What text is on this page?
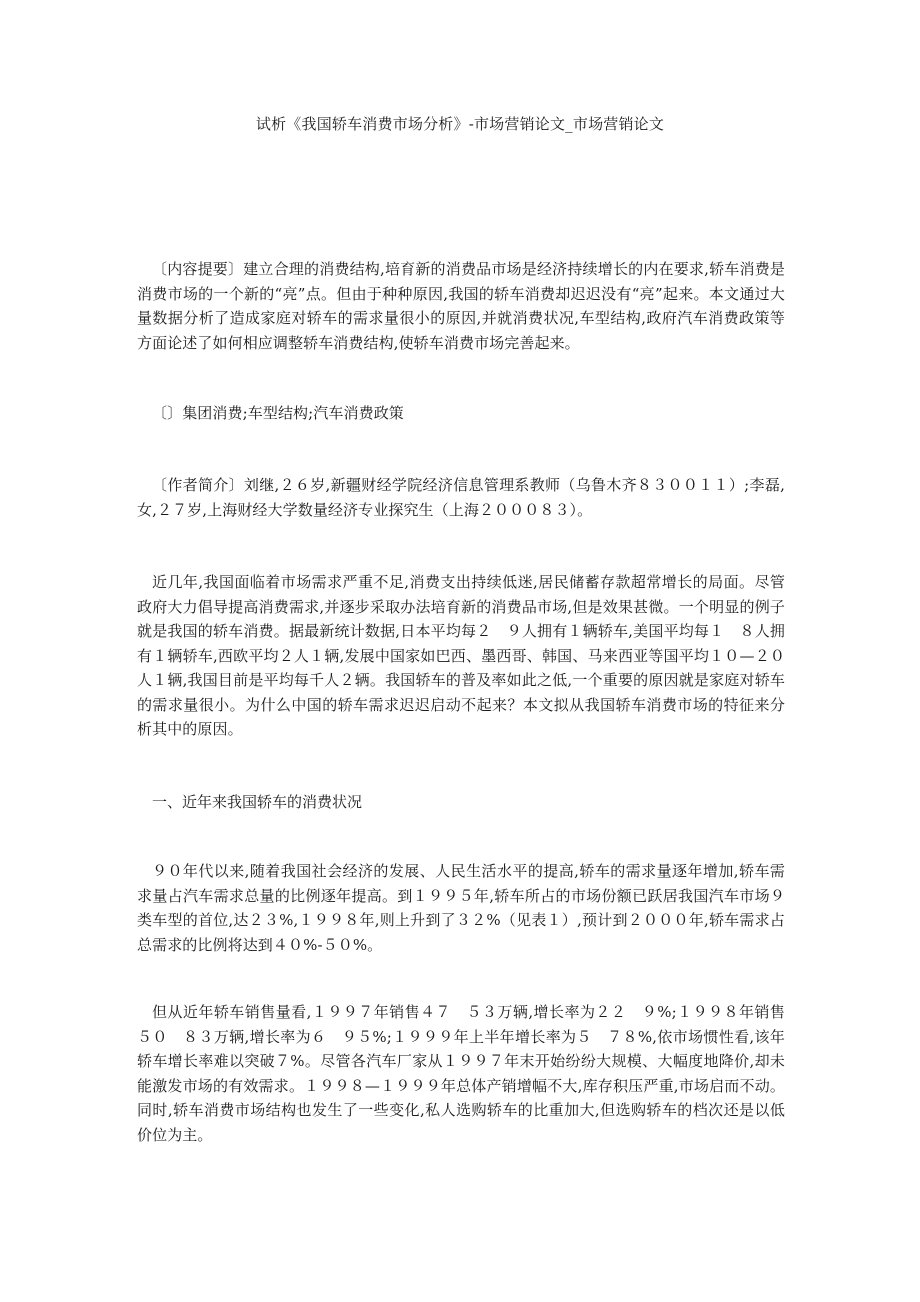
试析《我国轿车消费市场分析》-市场营销论文_市场营销论文

〔内容提要〕建立合理的消费结构,培育新的消费品市场是经济持续增长的内在要求,轿车消费是消费市场的一个新的“亮”点。但由于种种原因,我国的轿车消费却迟迟没有“亮”起来。本文通过大量数据分析了造成家庭对轿车的需求量很小的原因,并就消费状况,车型结构,政府汽车消费政策等方面论述了如何相应调整轿车消费结构,使轿车消费市场完善起来。

〔〕集团消费;车型结构;汽车消费政策

〔作者简介〕刘继,２６岁,新疆财经学院经济信息管理系教师（乌鲁木齐８３００１１）;李磊,女,２７岁,上海财经大学数量经济专业探究生（上海２０００８３）。

近几年,我国面临着市场需求严重不足,消费支出持续低迷,居民储蓄存款超常增长的局面。尽管政府大力倡导提高消费需求,并逐步采取办法培育新的消费品市场,但是效果甚微。一个明显的例子就是我国的轿车消费。据最新统计数据,日本平均每２　９人拥有１辆轿车,美国平均每１　８人拥有１辆轿车,西欧平均２人１辆,发展中国家如巴西、墨西哥、韩国、马来西亚等国平均１０—２０人１辆,我国目前是平均每千人２辆。我国轿车的普及率如此之低,一个重要的原因就是家庭对轿车的需求量很小。为什么中国的轿车需求迟迟启动不起来？本文拟从我国轿车消费市场的特征来分析其中的原因。

一、近年来我国轿车的消费状况

９０年代以来,随着我国社会经济的发展、人民生活水平的提高,轿车的需求量逐年增加,轿车需求量占汽车需求总量的比例逐年提高。到１９９５年,轿车所占的市场份额已跃居我国汽车市场９类车型的首位,达２３%,１９９８年,则上升到了３２%（见表１）,预计到２０００年,轿车需求占总需求的比例将达到４０%-５０%。

但从近年轿车销售量看,１９９７年销售４７　５３万辆,增长率为２２　９%;１９９８年销售５０　８３万辆,增长率为６　９５%;１９９９年上半年增长率为５　７８%,依市场惯性看,该年轿车增长率难以突破７%。尽管各汽车厂家从１９９７年末开始纷纷大规模、大幅度地降价,却未能激发市场的有效需求。１９９８—１９９９年总体产销增幅不大,库存积压严重,市场启而不动。同时,轿车消费市场结构也发生了一些变化,私人选购轿车的比重加大,但选购轿车的档次还是以低价位为主。
